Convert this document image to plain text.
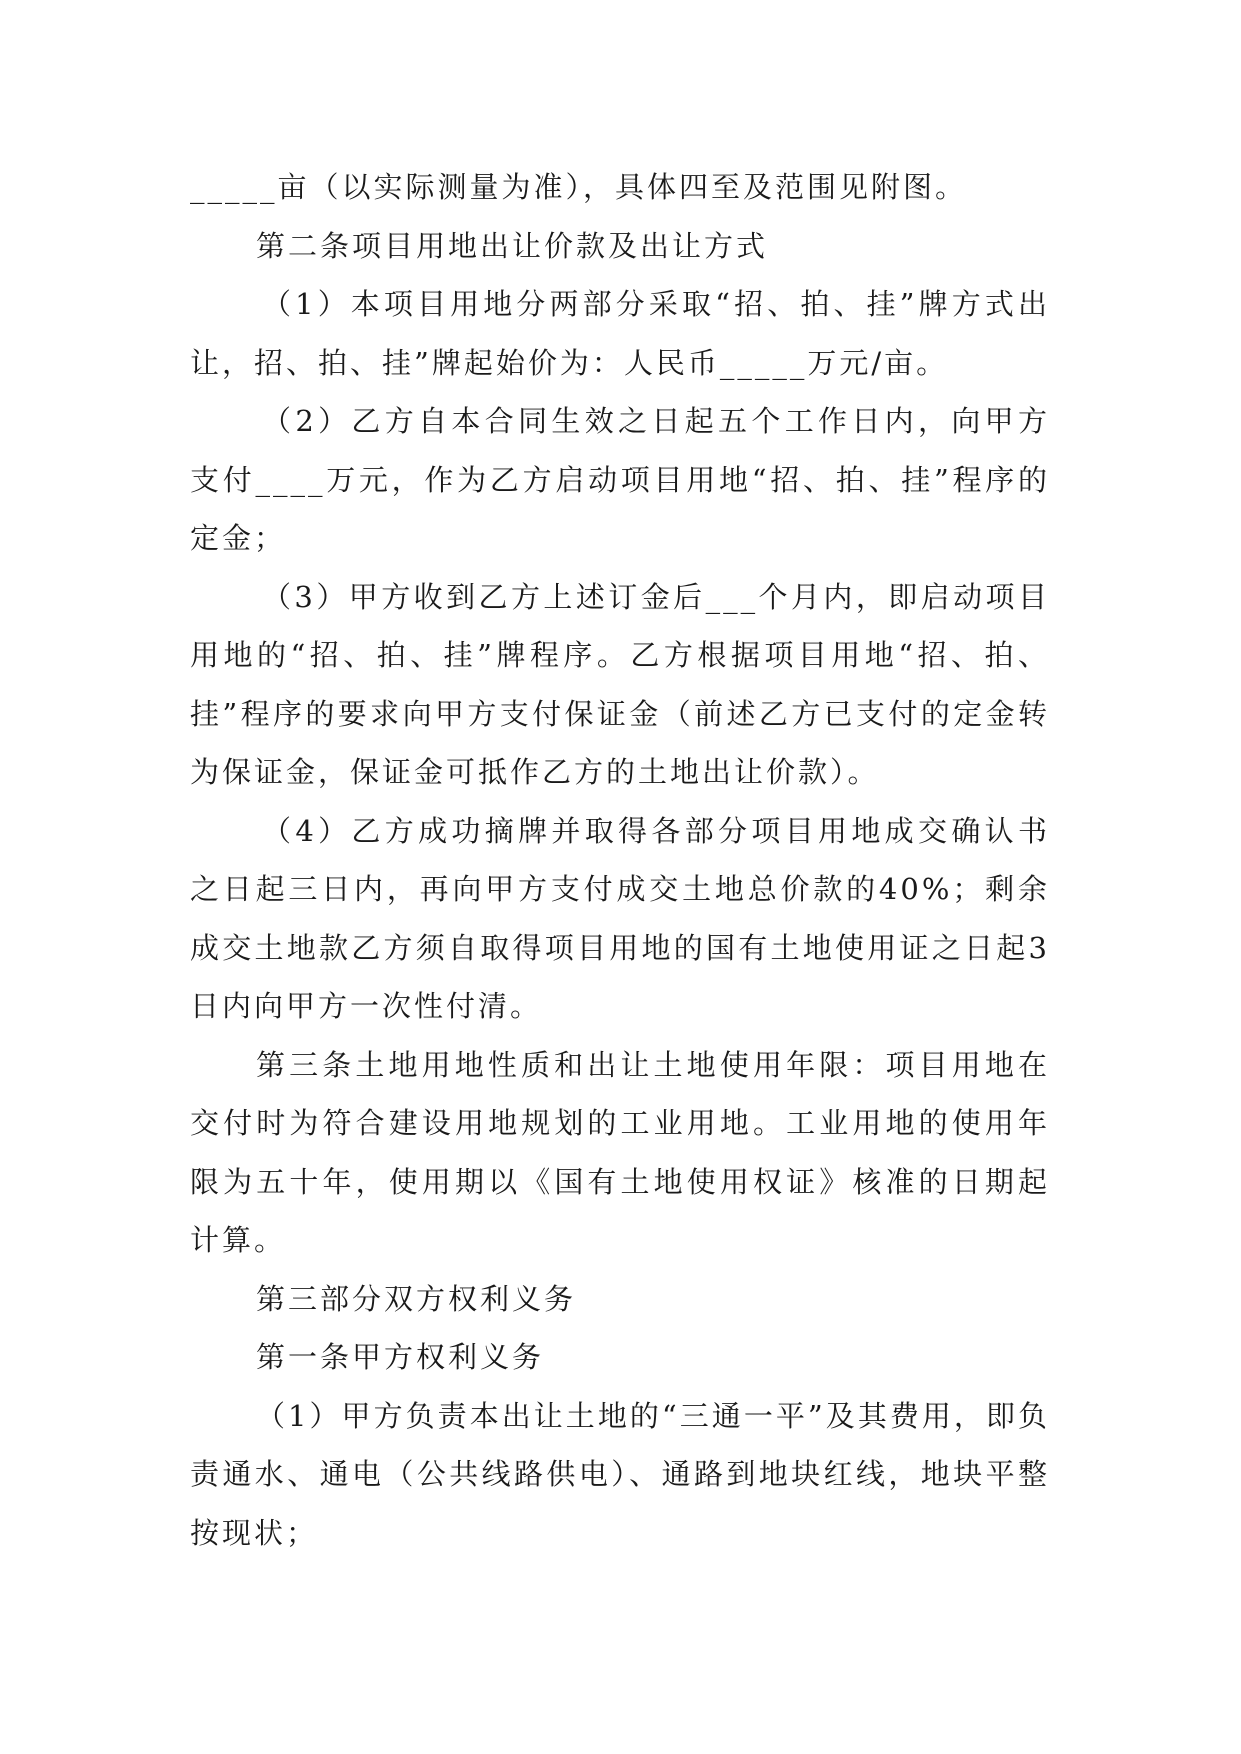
_____亩（以实际测量为准），具体四至及范围见附图。

第二条项目用地出让价款及出让方式

（1）本项目用地分两部分采取“招、拍、挂”牌方式出让，招、拍、挂”牌起始价为：人民币_____万元/亩。

（2）乙方自本合同生效之日起五个工作日内，向甲方支付____万元，作为乙方启动项目用地“招、拍、挂”程序的定金；

（3）甲方收到乙方上述订金后___个月内，即启动项目用地的“招、拍、挂”牌程序。乙方根据项目用地“招、拍、挂”程序的要求向甲方支付保证金（前述乙方已支付的定金转为保证金，保证金可抵作乙方的土地出让价款）。

（4）乙方成功摘牌并取得各部分项目用地成交确认书之日起三日内，再向甲方支付成交土地总价款的40%；剩余成交土地款乙方须自取得项目用地的国有土地使用证之日起3日内向甲方一次性付清。

第三条土地用地性质和出让土地使用年限：项目用地在交付时为符合建设用地规划的工业用地。工业用地的使用年限为五十年，使用期以《国有土地使用权证》核准的日期起计算。

第三部分双方权利义务

第一条甲方权利义务

（1）甲方负责本出让土地的“三通一平”及其费用，即负责通水、通电（公共线路供电）、通路到地块红线，地块平整按现状；
